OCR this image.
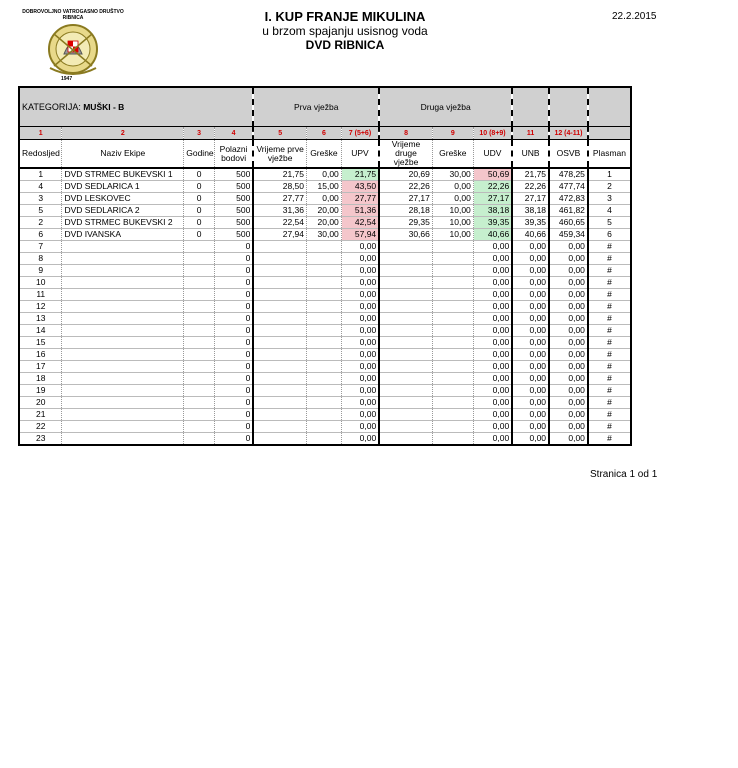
DOBROVOLJNO VATROGASNO DRUŠTVO
RIBNICA
1947
I. KUP FRANJE MIKULINA
u brzom spajanju usisnog voda
DVD RIBNICA
22.2.2015
KATEGORIJA: MUŠKI - B				Prva vježba			Druga vježba					
1	2	3	4	5	6	7 (5+6)	8	9	10 (8+9)	11	12 (4-11)	
Redosljed	Naziv Ekipe	Godine	Polazni bodovi	Vrijeme prve vježbe	Greške	UPV	Vrijeme druge vježbe	Greške	UDV	UNB	OSVB	Plasman
1	DVD STRMEC BUKEVSKI 1	0	500	21,75	0,00	21,75	20,69	30,00	50,69	21,75	478,25	1
4	DVD SEDLARICA 1	0	500	28,50	15,00	43,50	22,26	0,00	22,26	22,26	477,74	2
3	DVD LESKOVEC	0	500	27,77	0,00	27,77	27,17	0,00	27,17	27,17	472,83	3
5	DVD SEDLARICA 2	0	500	31,36	20,00	51,36	28,18	10,00	38,18	38,18	461,82	4
2	DVD STRMEC BUKEVSKI 2	0	500	22,54	20,00	42,54	29,35	10,00	39,35	39,35	460,65	5
6	DVD IVANSKA	0	500	27,94	30,00	57,94	30,66	10,00	40,66	40,66	459,34	6
7			0			0,00			0,00	0,00	0,00	#
8			0			0,00			0,00	0,00	0,00	#
9			0			0,00			0,00	0,00	0,00	#
10			0			0,00			0,00	0,00	0,00	#
11			0			0,00			0,00	0,00	0,00	#
12			0			0,00			0,00	0,00	0,00	#
13			0			0,00			0,00	0,00	0,00	#
14			0			0,00			0,00	0,00	0,00	#
15			0			0,00			0,00	0,00	0,00	#
16			0			0,00			0,00	0,00	0,00	#
17			0			0,00			0,00	0,00	0,00	#
18			0			0,00			0,00	0,00	0,00	#
19			0			0,00			0,00	0,00	0,00	#
20			0			0,00			0,00	0,00	0,00	#
21			0			0,00			0,00	0,00	0,00	#
22			0			0,00			0,00	0,00	0,00	#
23			0			0,00			0,00	0,00	0,00	#
Stranica 1 od 1
